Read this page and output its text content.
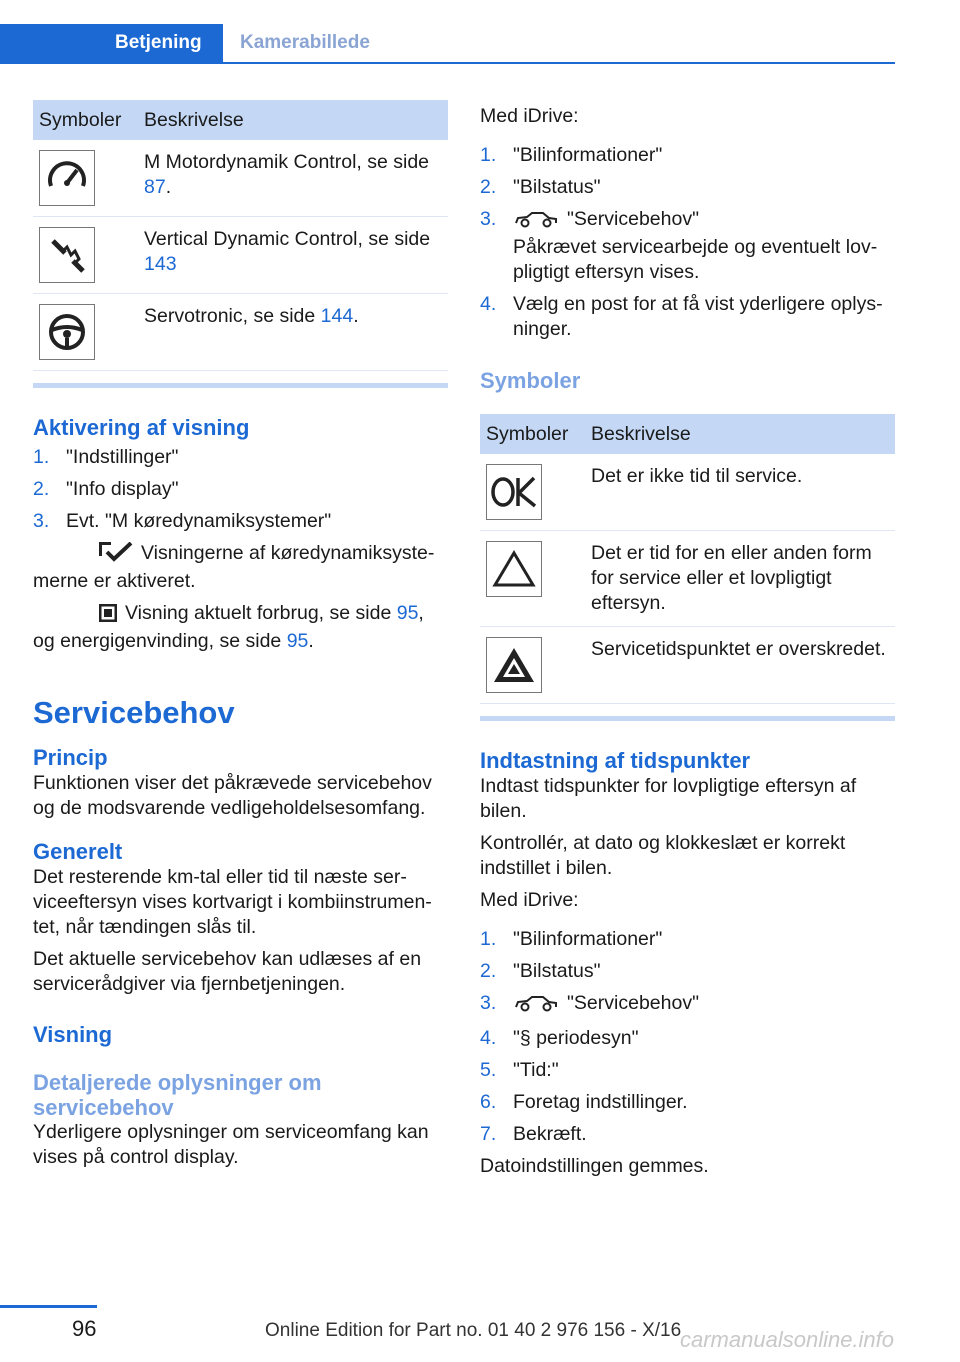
Betjening	Kamerabillede
Symboler	Beskrivelse

	M Motordynamik Control, se side 87.

	Vertical Dynamic Control, se side 143

	Servotronic, se side 144.
Aktivering af visning
1. "Indstillinger"
2. "Info display"
3. Evt. "M køredynamiksystemer"

Visningerne af køredynamiksystemerne er aktiveret.

Visning aktuelt forbrug, se side 95, og energigenvinding, se side 95.

Servicebehov
Princip

Funktionen viser det påkrævede servicebehov og de modsvarende vedligeholdelsesomfang.

Generelt

Det resterende km-tal eller tid til næste serviceeftersyn vises kortvarigt i kombiinstrumentet, når tændingen slås til.

Det aktuelle servicebehov kan udlæses af en servicerådgiver via fjernbetjeningen.

Visning
Detaljerede oplysninger om servicebehov

Yderligere oplysninger om serviceomfang kan vises på control display.

Med iDrive:

1. "Bilinformationer"
2. "Bilstatus"
3.	"Servicebehov"
Påkrævet servicearbejde og eventuelt lovpligtigt eftersyn vises.
4. Vælg en post for at få vist yderligere oplysninger.
Symboler
Symboler	Beskrivelse

	Det er ikke tid til service.

	Det er tid for en eller anden form for service eller et lovpligtigt eftersyn.

	Servicetidspunktet er overskredet.
Indtastning af tidspunkter

Indtast tidspunkter for lovpligtige eftersyn af bilen.

Kontrollér, at dato og klokkeslæt er korrekt indstillet i bilen.

Med iDrive:

1. "Bilinformationer"
2. "Bilstatus"
3.	"Servicebehov"
4. "§ periodesyn"
5. "Tid:"
6. Foretag indstillinger.
7. Bekræft.

Datoindstillingen gemmes.

96	Online Edition for Part no. 01 40 2 976 156 - X/16
carmanualsonline.info
